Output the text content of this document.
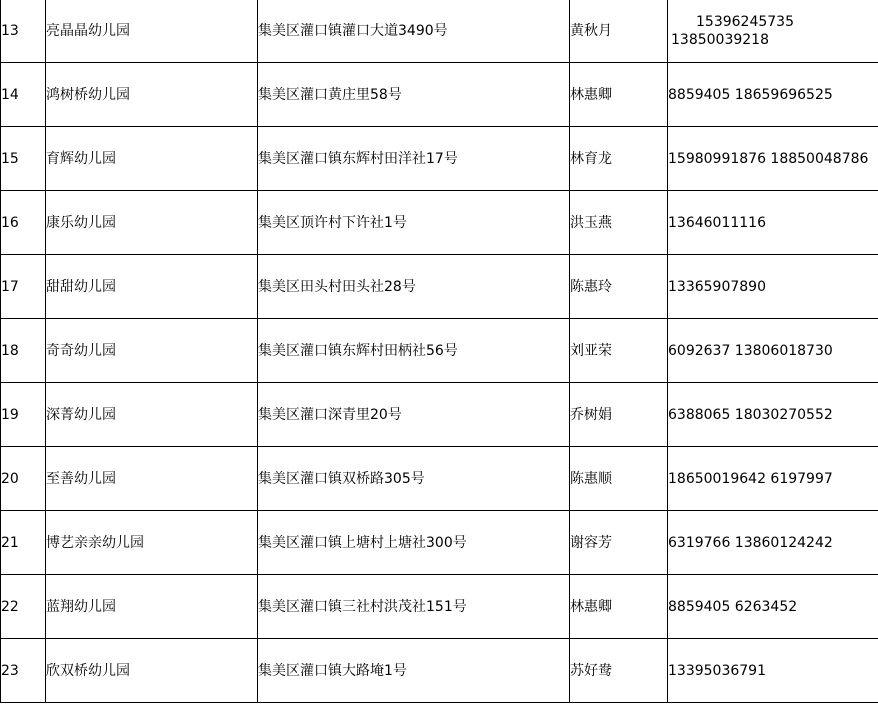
13	亮晶晶幼儿园	集美区灌口镇灌口大道3490号	黄秋月	15396245735
13850039218

14	鸿树桥幼儿园	集美区灌口黄庄里58号	林惠卿	8859405 18659696525

15	育辉幼儿园	集美区灌口镇东辉村田洋社17号	林育龙	15980991876 18850048786

16	康乐幼儿园	集美区顶许村下许社1号	洪玉燕	13646011116

17	甜甜幼儿园	集美区田头村田头社28号	陈惠玲	13365907890

18	奇奇幼儿园	集美区灌口镇东辉村田柄社56号	刘亚荣	6092637 13806018730

19	深菁幼儿园	集美区灌口深青里20号	乔树娟	6388065 18030270552

20	至善幼儿园	集美区灌口镇双桥路305号	陈惠顺	18650019642 6197997

21	博艺亲亲幼儿园	集美区灌口镇上塘村上塘社300号	谢容芳	6319766 13860124242

22	蓝翔幼儿园	集美区灌口镇三社村洪茂社151号	林惠卿	8859405 6263452

23	欣双桥幼儿园	集美区灌口镇大路埯1号	苏好鸯	13395036791
